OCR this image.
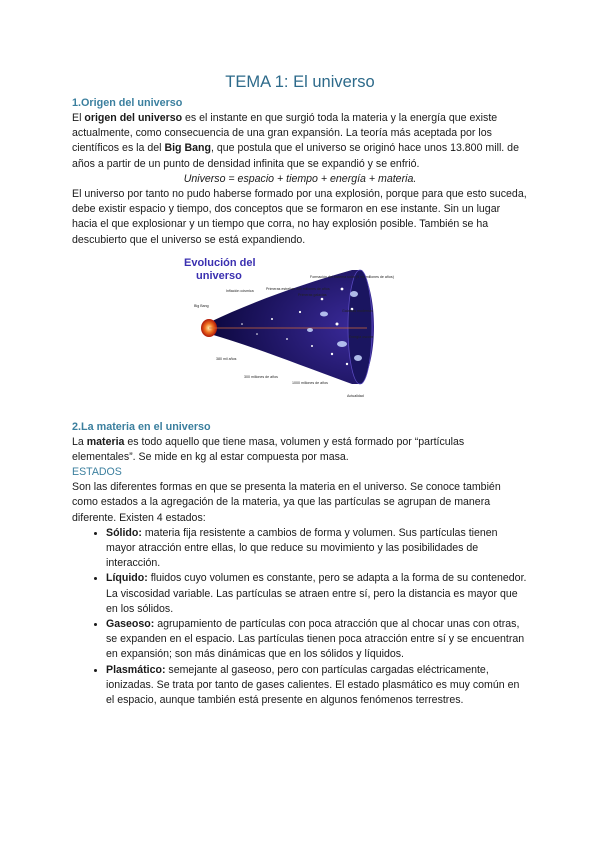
TEMA 1: El universo
1.Origen del universo

El origen del universo es el instante en que surgió toda la materia y la energía que existe actualmente, como consecuencia de una gran expansión. La teoría más aceptada por los científicos es la del Big Bang, que postula que el universo se originó hace unos 13.800 mill. de años a partir de un punto de densidad infinita que se expandió y se enfrió.

Universo = espacio + tiempo + energía + materia.

El universo por tanto no pudo haberse formado por una explosión, porque para que esto suceda, debe existir espacio y tiempo, dos conceptos que se formaron en ese instante. Sin un lugar hacia el que explosionar y un tiempo que corra, no hay explosión posible. También se ha descubierto que el universo se está expandiendo.

Evolución del
universo
Big Bang
Inflación cósmica	Primeras estrellas 400 millones de años
Primeras galaxias
Formación del sistema solar (9 mil millones de años)
Galaxias modernas
Energía oscura
Actualidad
380 mil años
300 millones de años
1000 millones de años
2.La materia en el universo

La materia es todo aquello que tiene masa, volumen y está formado por “partículas elementales”. Se mide en kg al estar compuesta por masa.

ESTADOS

Son las diferentes formas en que se presenta la materia en el universo. Se conoce también como estados a la agregación de la materia, ya que las partículas se agrupan de manera diferente. Existen 4 estados:

• Sólido: materia fija resistente a cambios de forma y volumen. Sus partículas tienen mayor atracción entre ellas, lo que reduce su movimiento y las posibilidades de interacción.
• Líquido: fluidos cuyo volumen es constante, pero se adapta a la forma de su contenedor. La viscosidad variable. Las partículas se atraen entre sí, pero la distancia es mayor que en los sólidos.
• Gaseoso: agrupamiento de partículas con poca atracción que al chocar unas con otras, se expanden en el espacio. Las partículas tienen poca atracción entre sí y se encuentran en expansión; son más dinámicas que en los sólidos y líquidos.
• Plasmático: semejante al gaseoso, pero con partículas cargadas eléctricamente, ionizadas. Se trata por tanto de gases calientes. El estado plasmático es muy común en el espacio, aunque también está presente en algunos fenómenos terrestres.
